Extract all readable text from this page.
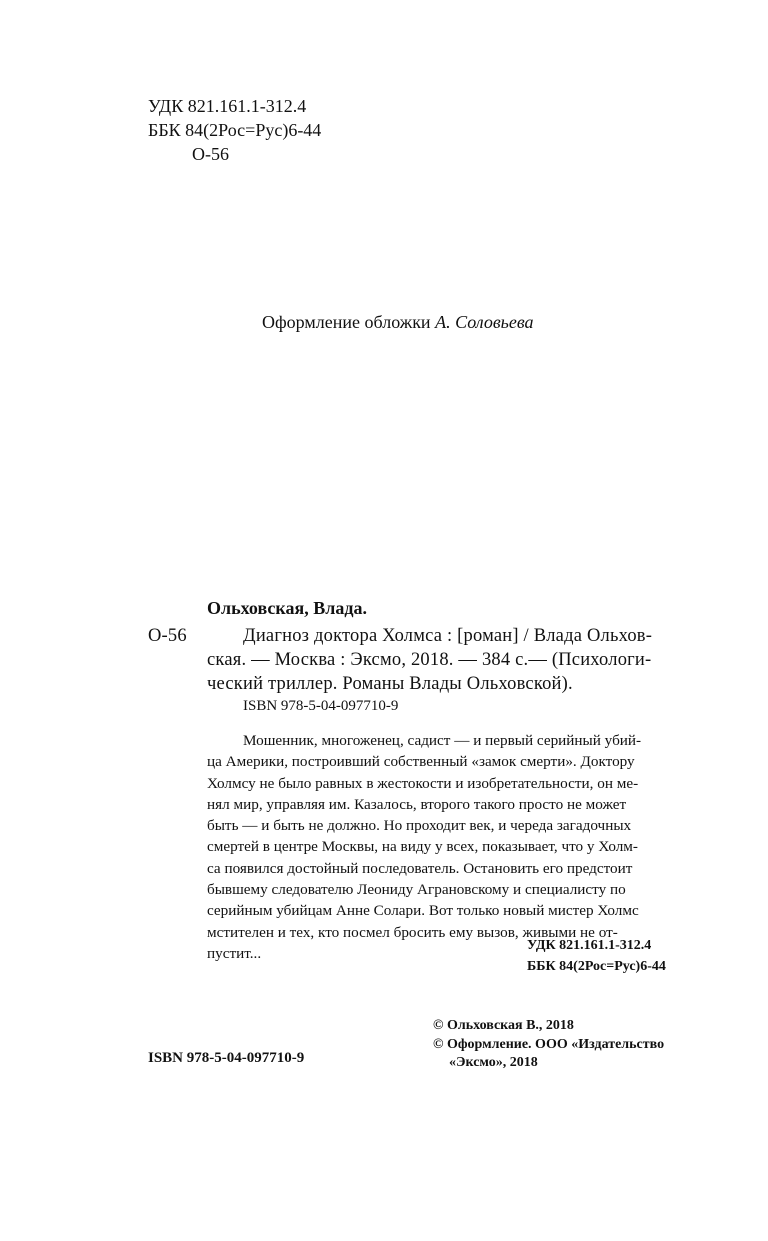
УДК 821.161.1-312.4
ББК 84(2Рос=Рус)6-44
О-56
Оформление обложки А. Соловьева
Ольховская, Влада.
О-56	Диагноз доктора Холмса : [роман] / Влада Ольхов-
ская. — Москва : Эксмо, 2018. — 384 с.— (Психологи-
ческий триллер. Романы Влады Ольховской).
ISBN 978-5-04-097710-9
Мошенник, многоженец, садист — и первый серийный убий-
ца Америки, построивший собственный «замок смерти». Доктору
Холмсу не было равных в жестокости и изобретательности, он ме-
нял мир, управляя им. Казалось, второго такого просто не может
быть — и быть не должно. Но проходит век, и череда загадочных
смертей в центре Москвы, на виду у всех, показывает, что у Холм-
са появился достойный последователь. Остановить его предстоит
бывшему следователю Леониду Аграновскому и специалисту по
серийным убийцам Анне Солари. Вот только новый мистер Холмс
мстителен и тех, кто посмел бросить ему вызов, живыми не от-
пустит...	УДК 821.161.1-312.4
ББК 84(2Рос=Рус)6-44
© Ольховская В., 2018
© Оформление. ООО «Издательство
«Эксмо», 2018
ISBN 978-5-04-097710-9
